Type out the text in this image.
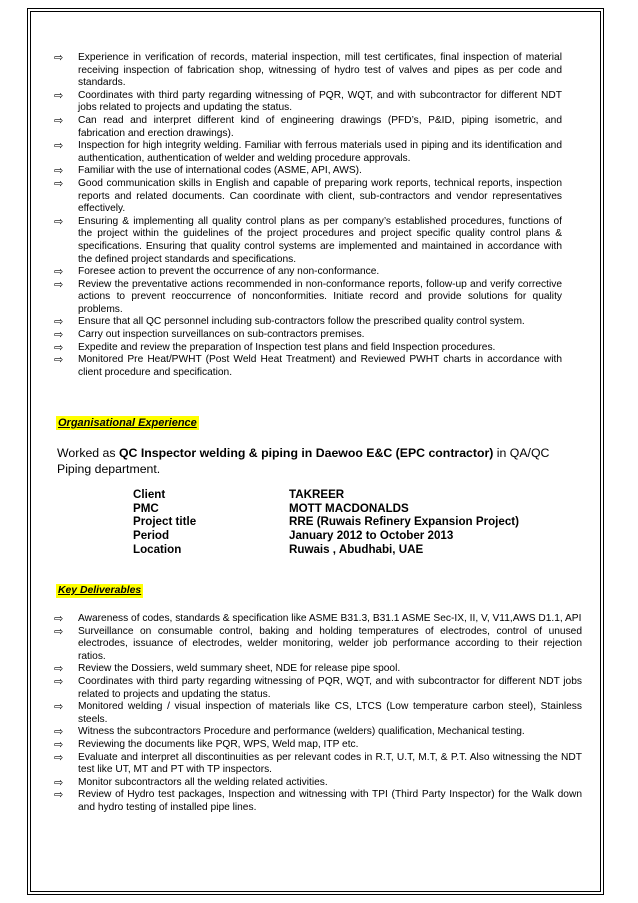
⇨ Experience in verification of records, material inspection, mill test certificates, final inspection of material receiving inspection of fabrication shop, witnessing of hydro test of valves and pipes as per code and standards.
⇨ Coordinates with third party regarding witnessing of PQR, WQT, and with subcontractor for different NDT jobs related to projects and updating the status.
⇨ Can read and interpret different kind of engineering drawings (PFD’s, P&ID, piping isometric, and fabrication and erection drawings).
⇨ Inspection for high integrity welding. Familiar with ferrous materials used in piping and its identification and authentication, authentication of welder and welding procedure approvals.
⇨ Familiar with the use of international codes (ASME, API, AWS).
⇨ Good communication skills in English and capable of preparing work reports, technical reports, inspection reports and related documents. Can coordinate with client, sub-contractors and vendor representatives effectively.
⇨ Ensuring & implementing all quality control plans as per company’s established procedures, functions of the project within the guidelines of the project procedures and project specific quality control plans & specifications. Ensuring that quality control systems are implemented and maintained in accordance with the defined project standards and specifications.
⇨ Foresee action to prevent the occurrence of any non-conformance.
⇨ Review the preventative actions recommended in non-conformance reports, follow-up and verify corrective actions to prevent reoccurrence of nonconformities. Initiate record and provide solutions for quality problems.
⇨ Ensure that all QC personnel including sub-contractors follow the prescribed quality control system.
⇨ Carry out inspection surveillances on sub-contractors premises.
⇨ Expedite and review the preparation of Inspection test plans and field Inspection procedures.
⇨ Monitored Pre Heat/PWHT (Post Weld Heat Treatment) and Reviewed PWHT charts in accordance with client procedure and specification.
Organisational Experience
Worked as QC Inspector welding & piping in Daewoo E&C (EPC contractor) in QA/QC Piping department.
Client	TAKREER
PMC	MOTT MACDONALDS
Project title	RRE (Ruwais Refinery Expansion Project)
Period	January 2012 to October 2013
Location	Ruwais , Abudhabi, UAE
Key Deliverables
⇨ Awareness of codes, standards & specification like ASME B31.3, B31.1 ASME Sec-IX, II, V, V11,AWS D1.1, API
⇨ Surveillance on consumable control, baking and holding temperatures of electrodes, control of unused electrodes, issuance of electrodes, welder monitoring, welder job performance according to their rejection ratios.
⇨ Review the Dossiers, weld summary sheet, NDE for release pipe spool.
⇨ Coordinates with third party regarding witnessing of PQR, WQT, and with subcontractor for different NDT jobs related to projects and updating the status.
⇨ Monitored welding / visual inspection of materials like CS, LTCS (Low temperature carbon steel), Stainless steels.
⇨ Witness the subcontractors Procedure and performance (welders) qualification, Mechanical testing.
⇨ Reviewing the documents like PQR, WPS, Weld map, ITP etc.
⇨ Evaluate and interpret all discontinuities as per relevant codes in R.T, U.T, M.T, & P.T. Also witnessing the NDT test like UT, MT and PT with TP inspectors.
⇨ Monitor subcontractors all the welding related activities.
⇨ Review of Hydro test packages, Inspection and witnessing with TPI (Third Party Inspector) for the Walk down and hydro testing of installed pipe lines.
